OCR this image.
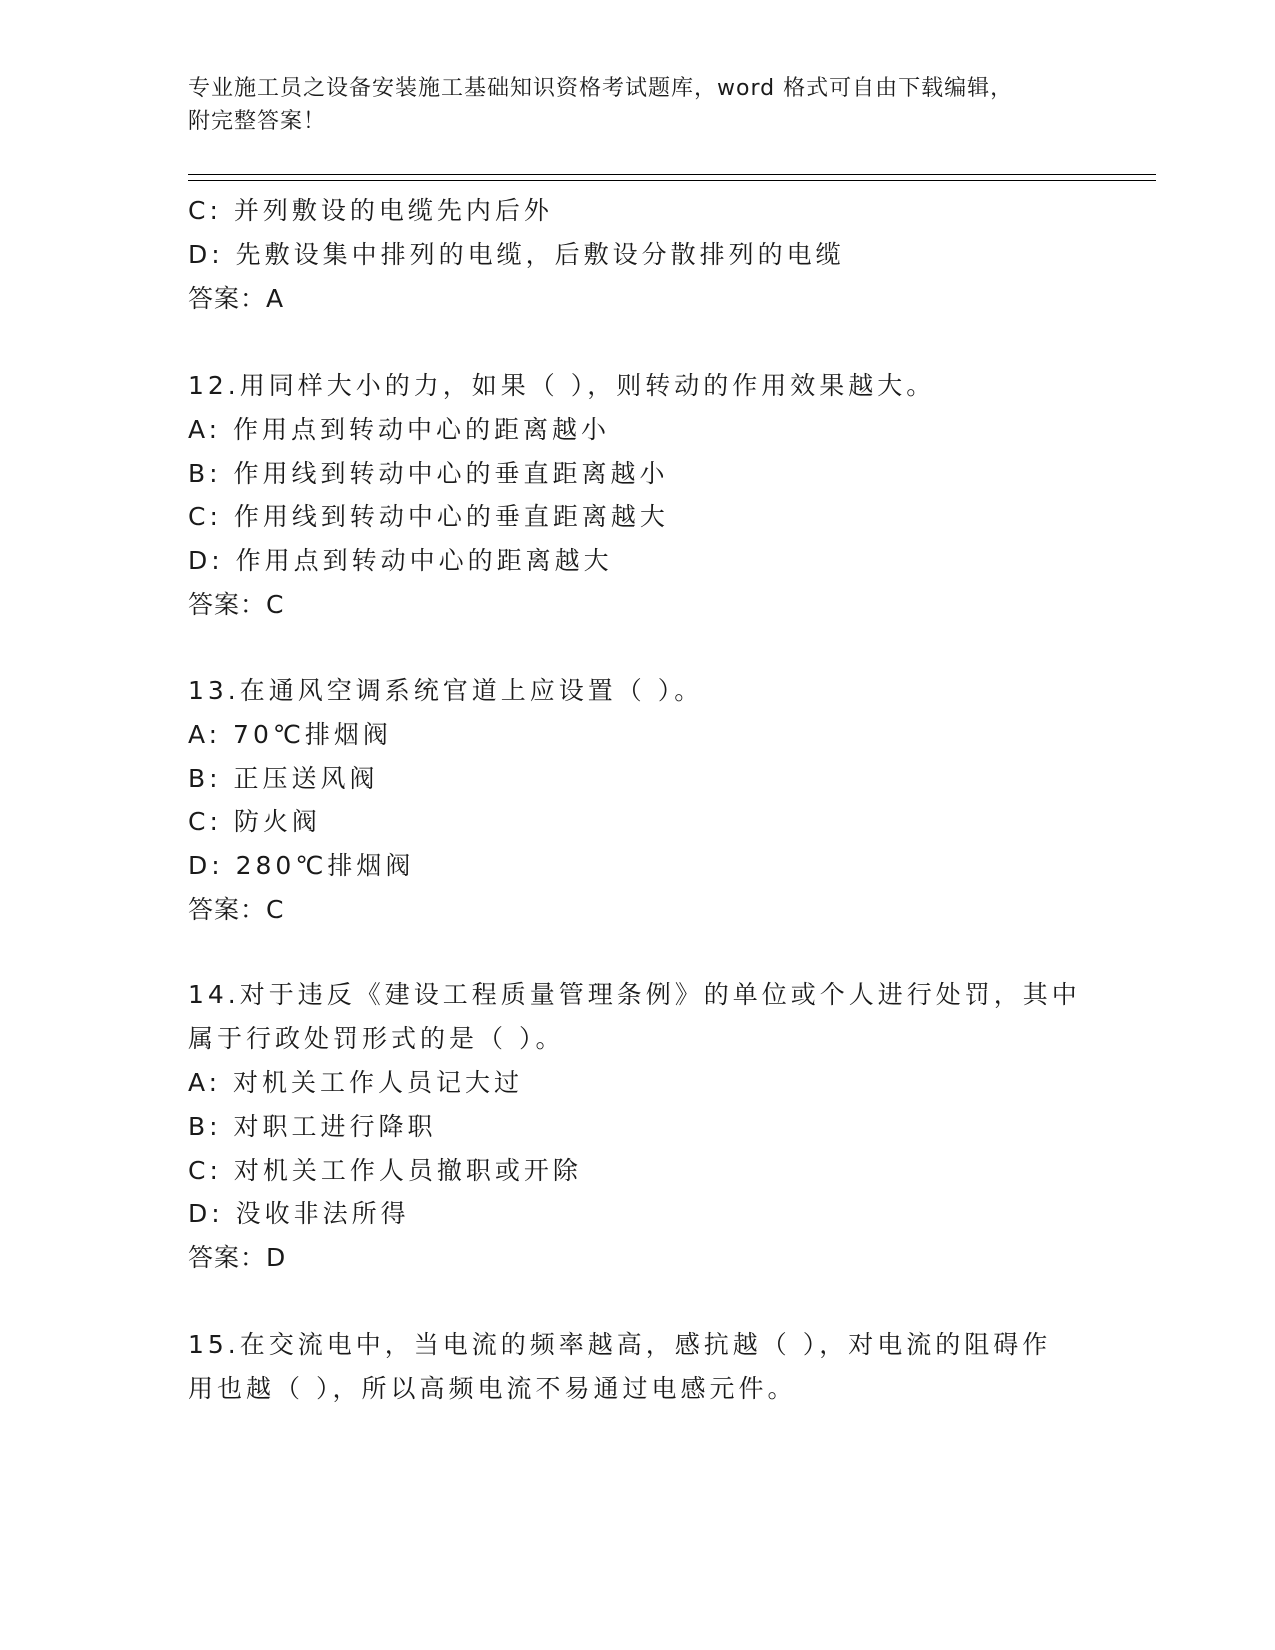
专业施工员之设备安装施工基础知识资格考试题库，word 格式可自由下载编辑，
附完整答案！
C: 并列敷设的电缆先内后外
D: 先敷设集中排列的电缆，后敷设分散排列的电缆
答案：A
12.用同样大小的力，如果（ ），则转动的作用效果越大。
A: 作用点到转动中心的距离越小
B: 作用线到转动中心的垂直距离越小
C: 作用线到转动中心的垂直距离越大
D: 作用点到转动中心的距离越大
答案：C
13.在通风空调系统官道上应设置（ ）。
A: 70℃排烟阀
B: 正压送风阀
C: 防火阀
D: 280℃排烟阀
答案：C
14.对于违反《建设工程质量管理条例》的单位或个人进行处罚，其中
属于行政处罚形式的是（ ）。
A: 对机关工作人员记大过
B: 对职工进行降职
C: 对机关工作人员撤职或开除
D: 没收非法所得
答案：D
15.在交流电中，当电流的频率越高，感抗越（ ），对电流的阻碍作
用也越（ ），所以高频电流不易通过电感元件。
